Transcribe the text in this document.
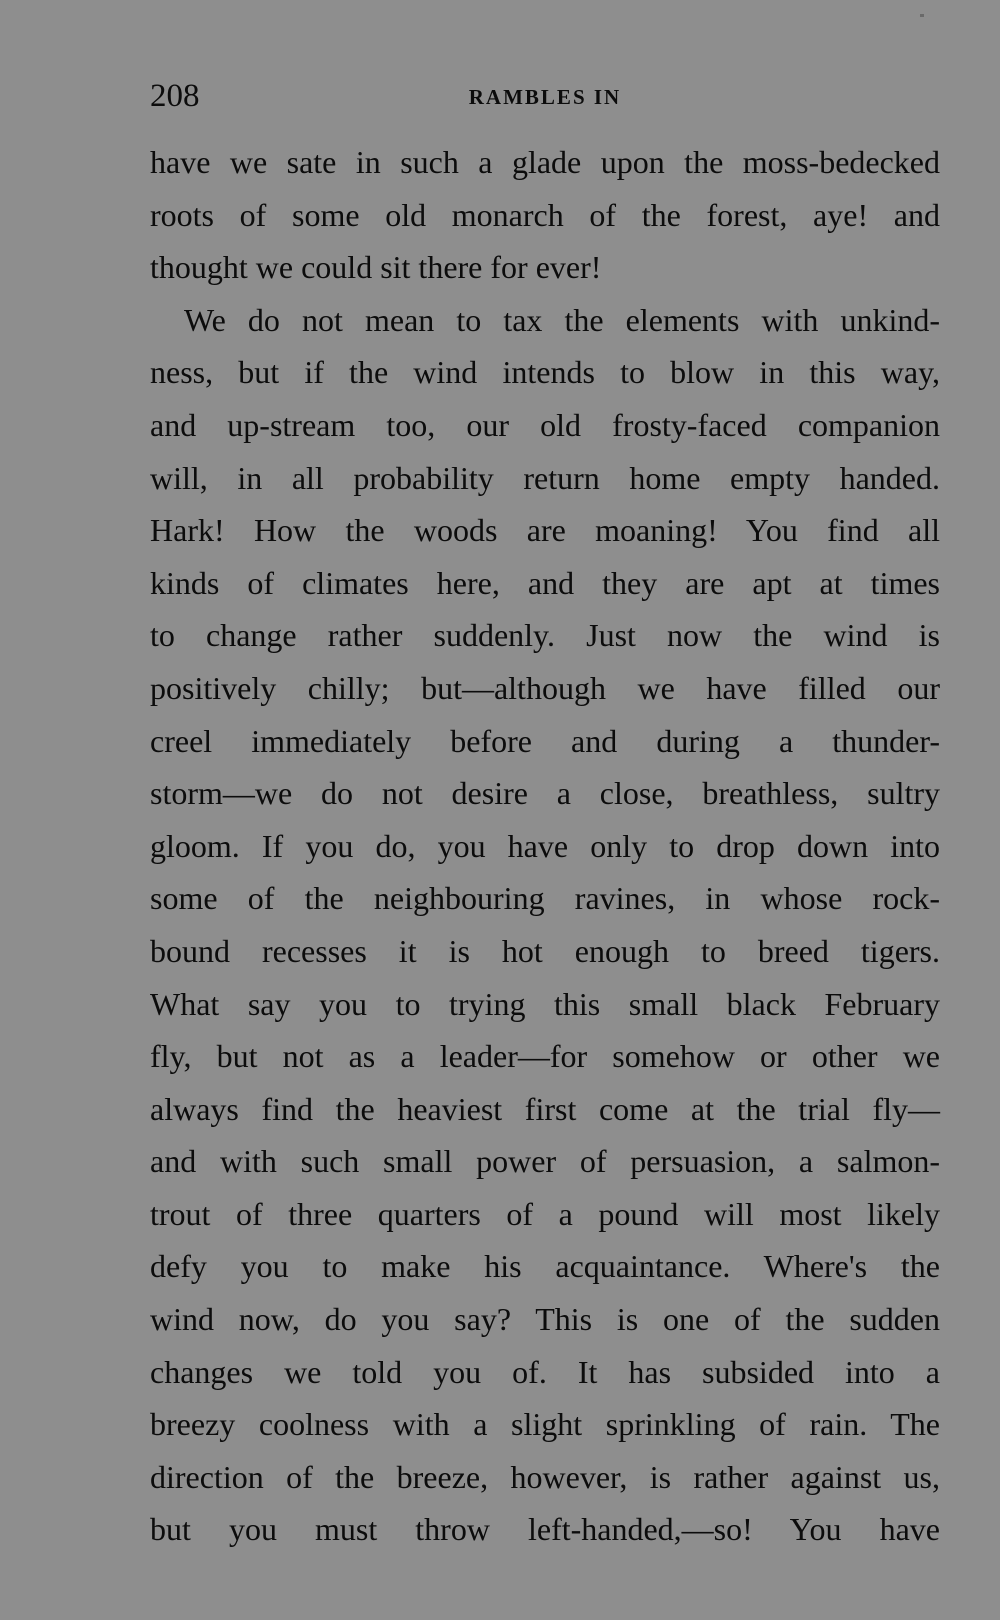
208	RAMBLES IN
have we sate in such a glade upon the moss-bedecked
roots of some old monarch of the forest, aye! and
thought we could sit there for ever!
We do not mean to tax the elements with unkind-
ness, but if the wind intends to blow in this way,
and up-stream too, our old frosty-faced companion
will, in all probability return home empty handed.
Hark! How the woods are moaning! You find all
kinds of climates here, and they are apt at times
to change rather suddenly. Just now the wind is
positively chilly; but—although we have filled our
creel immediately before and during a thunder-
storm—we do not desire a close, breathless, sultry
gloom. If you do, you have only to drop down into
some of the neighbouring ravines, in whose rock-
bound recesses it is hot enough to breed tigers.
What say you to trying this small black February
fly, but not as a leader—for somehow or other we
always find the heaviest first come at the trial fly—
and with such small power of persuasion, a salmon-
trout of three quarters of a pound will most likely
defy you to make his acquaintance. Where's the
wind now, do you say? This is one of the sudden
changes we told you of. It has subsided into a
breezy coolness with a slight sprinkling of rain. The
direction of the breeze, however, is rather against us,
but you must throw left-handed,—so! You have
